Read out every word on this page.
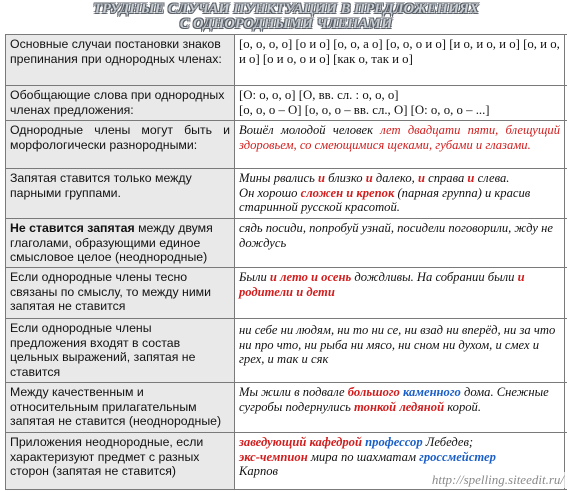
ТРУДНЫЕ СЛУЧАИ ПУНКТУАЦИИ В ПРЕДЛОЖЕНИЯХ
С ОДНОРОДНЫМИ ЧЛЕНАМИ
Основные случаи постановки знаков препинания при однородных членах:
[о, о, о, о] [о и о] [о, о, а о] [о, о, о и о] [и о, и о, и о] [о, и о, и о] [о и о, о и о] [как о, так и о]
Обобщающие слова при однородных членах предложения:
[О: о, о, о] [О, вв. сл. : о, о, о]
[о, о, о – О] [о, о, о – вв. сл., О] [О: о, о, о – ...]
Однородные члены могут быть и морфологически разнородными:
Вошёл молодой человек лет двадцати пяти, блещущий здоровьем, со смеющимися щеками, губами и глазами.
Запятая ставится только между парными группами.
Мины рвались и близко и далеко, и справа и слева.
Он хорошо сложен и крепок (парная группа) и красив старинной русской красотой.
Не ставится запятая между двумя глаголами, образующими единое смысловое целое (неоднородные)
сядь посиди, попробуй узнай, посидели поговорили, жду не дождусь
Если однородные члены тесно связаны по смыслу, то между ними запятая не ставится
Были и лето и осень дождливы. На собрании были и родители и дети
Если однородные члены предложения входят в состав цельных выражений, запятая не ставится
ни себе ни людям, ни то ни се, ни взад ни вперёд, ни за что ни про что, ни рыба ни мясо, ни сном ни духом, и смех и грех, и так и сяк
Между качественным и относительным прилагательным запятая не ставится (неоднородные)
Мы жили в подвале большого каменного дома. Снежные сугробы подернулись тонкой ледяной корой.
Приложения неоднородные, если характеризуют предмет с разных сторон (запятая не ставится)
заведующий кафедрой профессор Лебедев;
экс-чемпион мира по шахматам гроссмейстер
Карпов
http://spelling.siteedit.ru/
